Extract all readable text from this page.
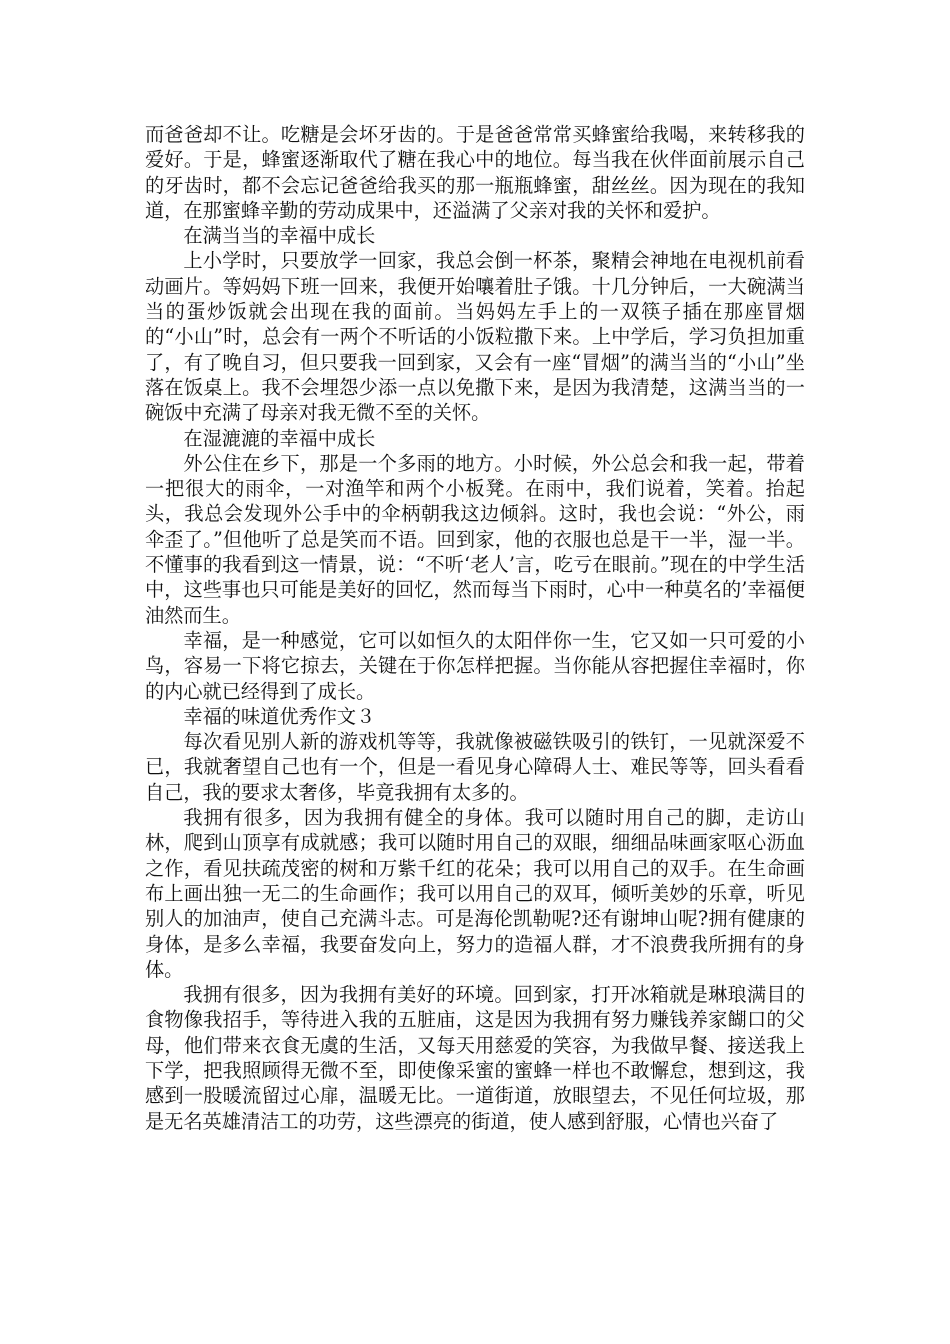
而爸爸却不让。吃糖是会坏牙齿的。于是爸爸常常买蜂蜜给我喝，来转移我的爱好。于是，蜂蜜逐渐取代了糖在我心中的地位。每当我在伙伴面前展示自己的牙齿时，都不会忘记爸爸给我买的那一瓶瓶蜂蜜，甜丝丝。因为现在的我知道，在那蜜蜂辛勤的劳动成果中，还溢满了父亲对我的关怀和爱护。

在满当当的幸福中成长

上小学时，只要放学一回家，我总会倒一杯茶，聚精会神地在电视机前看动画片。等妈妈下班一回来，我便开始嚷着肚子饿。十几分钟后，一大碗满当当的蛋炒饭就会出现在我的面前。当妈妈左手上的一双筷子插在那座冒烟的“小山”时，总会有一两个不听话的小饭粒撒下来。上中学后，学习负担加重了，有了晚自习，但只要我一回到家，又会有一座“冒烟”的满当当的“小山”坐落在饭桌上。我不会埋怨少添一点以免撒下来，是因为我清楚，这满当当的一碗饭中充满了母亲对我无微不至的关怀。

在湿漉漉的幸福中成长

外公住在乡下，那是一个多雨的地方。小时候，外公总会和我一起，带着一把很大的雨伞，一对渔竿和两个小板凳。在雨中，我们说着，笑着。抬起头，我总会发现外公手中的伞柄朝我这边倾斜。这时，我也会说：“外公，雨伞歪了。”但他听了总是笑而不语。回到家，他的衣服也总是干一半，湿一半。不懂事的我看到这一情景，说：“不听‘老人’言，吃亏在眼前。”现在的中学生活中，这些事也只可能是美好的回忆，然而每当下雨时，心中一种莫名的’幸福便油然而生。

幸福，是一种感觉，它可以如恒久的太阳伴你一生，它又如一只可爱的小鸟，容易一下将它掠去，关键在于你怎样把握。当你能从容把握住幸福时，你的内心就已经得到了成长。

幸福的味道优秀作文３

每次看见别人新的游戏机等等，我就像被磁铁吸引的铁钉，一见就深爱不已，我就奢望自己也有一个，但是一看见身心障碍人士、难民等等，回头看看自己，我的要求太奢侈，毕竟我拥有太多的。

我拥有很多，因为我拥有健全的身体。我可以随时用自己的脚，走访山林，爬到山顶享有成就感；我可以随时用自己的双眼，细细品味画家呕心沥血之作，看见扶疏茂密的树和万紫千红的花朵；我可以用自己的双手。在生命画布上画出独一无二的生命画作；我可以用自己的双耳，倾听美妙的乐章，听见别人的加油声，使自己充满斗志。可是海伦凯勒呢?还有谢坤山呢?拥有健康的身体，是多么幸福，我要奋发向上，努力的造福人群，才不浪费我所拥有的身体。

我拥有很多，因为我拥有美好的环境。回到家，打开冰箱就是琳琅满目的食物像我招手，等待进入我的五脏庙，这是因为我拥有努力赚钱养家餬口的父母，他们带来衣食无虞的生活，又每天用慈爱的笑容，为我做早餐、接送我上下学，把我照顾得无微不至，即使像采蜜的蜜蜂一样也不敢懈怠，想到这，我感到一股暖流留过心扉，温暖无比。一道街道，放眼望去，不见任何垃圾，那是无名英雄清洁工的功劳，这些漂亮的街道，使人感到舒服，心情也兴奋了
